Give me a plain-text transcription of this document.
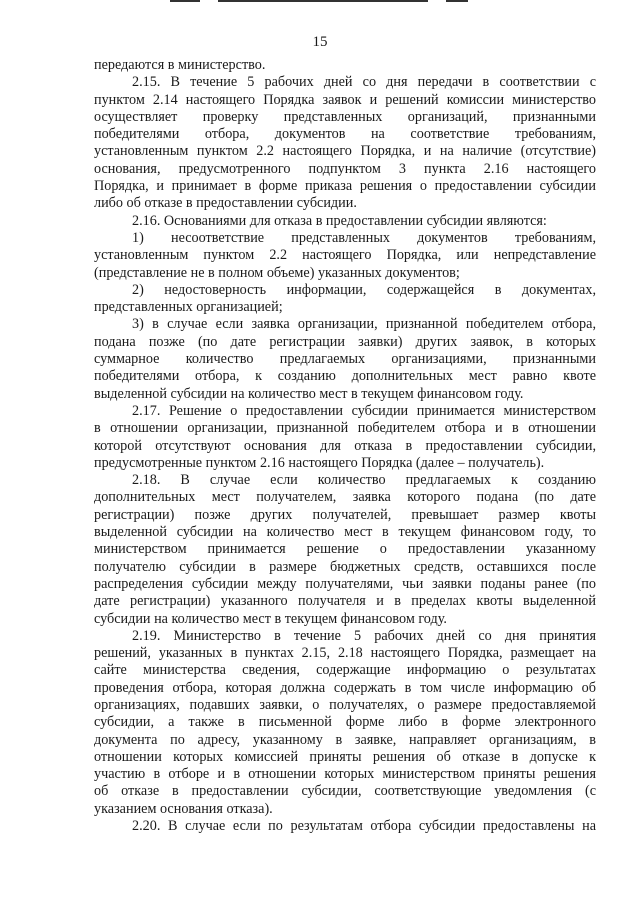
15

передаются в министерство.

2.15. В течение 5 рабочих дней со дня передачи в соответствии с

пунктом 2.14 настоящего Порядка заявок и решений комиссии министерство

осуществляет проверку представленных организаций, признанными

победителями отбора, документов на соответствие требованиям,

установленным пунктом 2.2 настоящего Порядка, и на наличие (отсутствие)

основания, предусмотренного подпунктом 3 пункта 2.16 настоящего

Порядка, и принимает в форме приказа решения о предоставлении субсидии

либо об отказе в предоставлении субсидии.

2.16. Основаниями для отказа в предоставлении субсидии являются:

1) несоответствие представленных документов требованиям,

установленным пунктом 2.2 настоящего Порядка, или непредставление

(представление не в полном объеме) указанных документов;

2) недостоверность информации, содержащейся в документах,

представленных организацией;

3) в случае если заявка организации, признанной победителем отбора,

подана позже (по дате регистрации заявки) других заявок, в которых

суммарное количество предлагаемых организациями, признанными

победителями отбора, к созданию дополнительных мест равно квоте

выделенной субсидии на количество мест в текущем финансовом году.

2.17. Решение о предоставлении субсидии принимается министерством

в отношении организации, признанной победителем отбора и в отношении

которой отсутствуют основания для отказа в предоставлении субсидии,

предусмотренные пунктом 2.16 настоящего Порядка (далее – получатель).

2.18. В случае если количество предлагаемых к созданию

дополнительных мест получателем, заявка которого подана (по дате

регистрации) позже других получателей, превышает размер квоты

выделенной субсидии на количество мест в текущем финансовом году, то

министерством принимается решение о предоставлении указанному

получателю субсидии в размере бюджетных средств, оставшихся после

распределения субсидии между получателями, чьи заявки поданы ранее (по

дате регистрации) указанного получателя и в пределах квоты выделенной

субсидии на количество мест в текущем финансовом году.

2.19. Министерство в течение 5 рабочих дней со дня принятия

решений, указанных в пунктах 2.15, 2.18 настоящего Порядка, размещает на

сайте министерства сведения, содержащие информацию о результатах

проведения отбора, которая должна содержать в том числе информацию об

организациях, подавших заявки, о получателях, о размере предоставляемой

субсидии, а также в письменной форме либо в форме электронного

документа по адресу, указанному в заявке, направляет организациям, в

отношении которых комиссией приняты решения об отказе в допуске к

участию в отборе и в отношении которых министерством приняты решения

об отказе в предоставлении субсидии, соответствующие уведомления (с

указанием основания отказа).

2.20. В случае если по результатам отбора субсидии предоставлены на
